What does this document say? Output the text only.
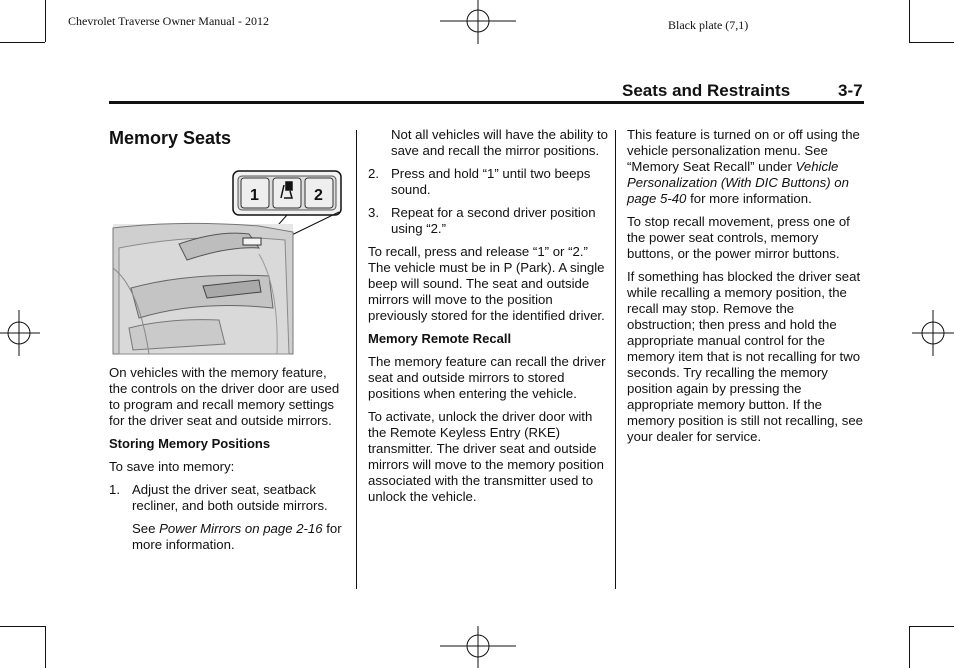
Chevrolet Traverse Owner Manual - 2012	Black plate (7,1)
Seats and Restraints	3-7
Memory Seats
1	2

On vehicles with the memory feature, the controls on the driver door are used to program and recall memory settings for the driver seat and outside mirrors.

Storing Memory Positions

To save into memory:

1. Adjust the driver seat, seatback recliner, and both outside mirrors.

See Power Mirrors on page 2-16 for more information.

Not all vehicles will have the ability to save and recall the mirror positions.

2. Press and hold “1” until two beeps sound.
3. Repeat for a second driver position using “2.”

To recall, press and release “1” or “2.” The vehicle must be in P (Park). A single beep will sound. The seat and outside mirrors will move to the position previously stored for the identified driver.

Memory Remote Recall

The memory feature can recall the driver seat and outside mirrors to stored positions when entering the vehicle.

To activate, unlock the driver door with the Remote Keyless Entry (RKE) transmitter. The driver seat and outside mirrors will move to the memory position associated with the transmitter used to unlock the vehicle.

This feature is turned on or off using the vehicle personalization menu. See “Memory Seat Recall” under Vehicle Personalization (With DIC Buttons) on page 5-40 for more information.

To stop recall movement, press one of the power seat controls, memory buttons, or the power mirror buttons.

If something has blocked the driver seat while recalling a memory position, the recall may stop. Remove the obstruction; then press and hold the appropriate manual control for the memory item that is not recalling for two seconds. Try recalling the memory position again by pressing the appropriate memory button. If the memory position is still not recalling, see your dealer for service.
